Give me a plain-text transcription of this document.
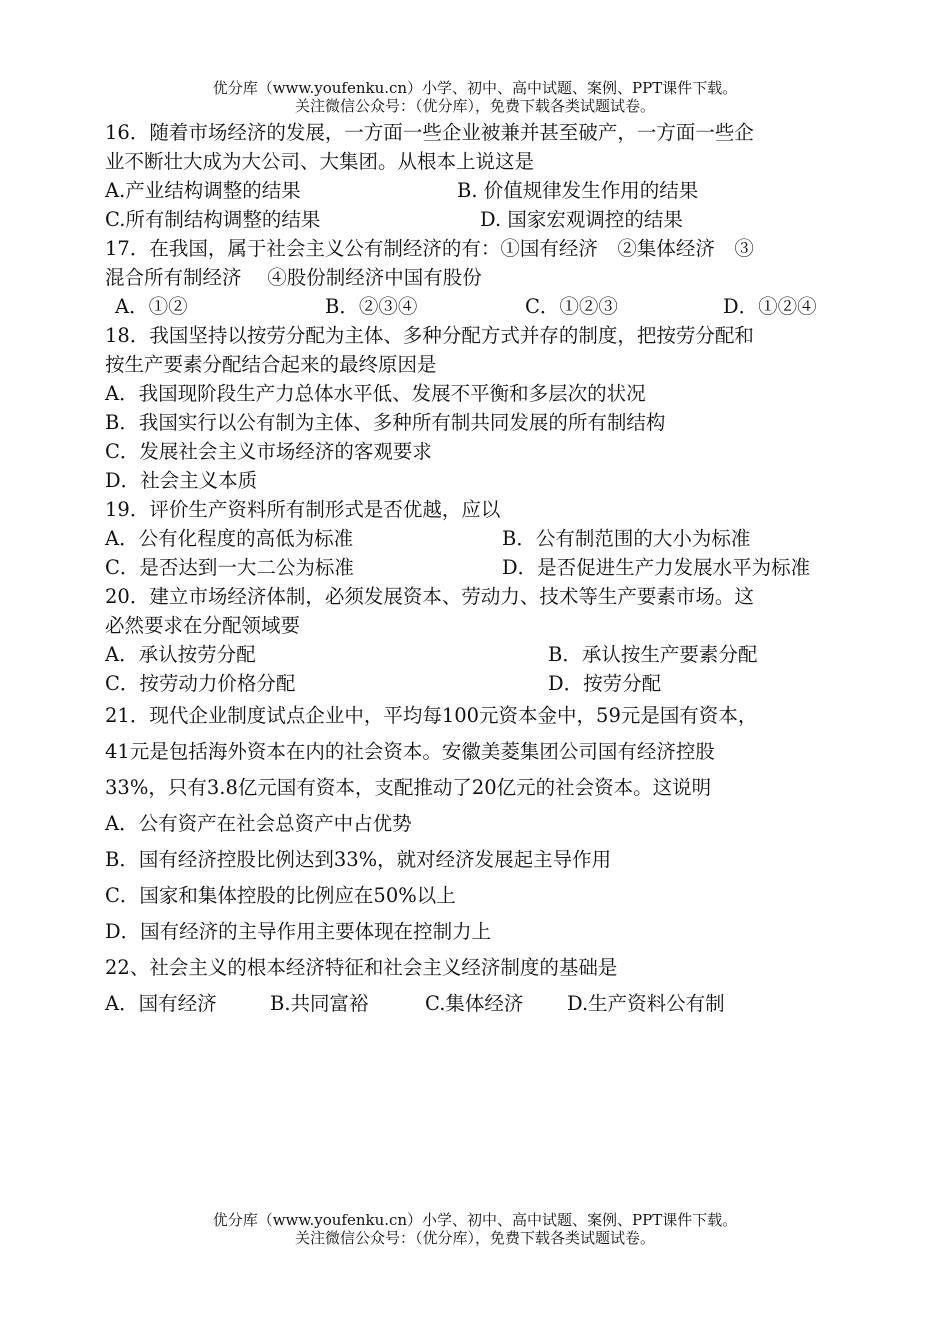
优分库（www.youfenku.cn）小学、初中、高中试题、案例、PPT课件下载。
关注微信公众号：（优分库），免费下载各类试题试卷。
16．随着市场经济的发展，一方面一些企业被兼并甚至破产，一方面一些企
业不断壮大成为大公司、大集团。从根本上说这是
A.产业结构调整的结果	B. 价值规律发生作用的结果
C.所有制结构调整的结果	D. 国家宏观调控的结果
17．在我国，属于社会主义公有制经济的有：①国有经济　②集体经济　③
混合所有制经济　 ④股份制经济中国有股份
A．①②	B．②③④	C．①②③	D．①②④
18．我国坚持以按劳分配为主体、多种分配方式并存的制度，把按劳分配和
按生产要素分配结合起来的最终原因是
A．我国现阶段生产力总体水平低、发展不平衡和多层次的状况
B．我国实行以公有制为主体、多种所有制共同发展的所有制结构
C．发展社会主义市场经济的客观要求
D．社会主义本质
19．评价生产资料所有制形式是否优越，应以
A．公有化程度的高低为标准	B．公有制范围的大小为标准
C．是否达到一大二公为标准	D．是否促进生产力发展水平为标准
20．建立市场经济体制，必须发展资本、劳动力、技术等生产要素市场。这
必然要求在分配领域要
A．承认按劳分配	B．承认按生产要素分配
C．按劳动力价格分配	D．按劳分配
21．现代企业制度试点企业中，平均每100元资本金中，59元是国有资本，
41元是包括海外资本在内的社会资本。安徽美菱集团公司国有经济控股
33%，只有3.8亿元国有资本，支配推动了20亿元的社会资本。这说明
A．公有资产在社会总资产中占优势
B．国有经济控股比例达到33%，就对经济发展起主导作用
C．国家和集体控股的比例应在50%以上
D．国有经济的主导作用主要体现在控制力上
22、社会主义的根本经济特征和社会主义经济制度的基础是
A．国有经济	B.共同富裕	C.集体经济 D.生产资料公有制
优分库（www.youfenku.cn）小学、初中、高中试题、案例、PPT课件下载。
关注微信公众号：（优分库），免费下载各类试题试卷。
